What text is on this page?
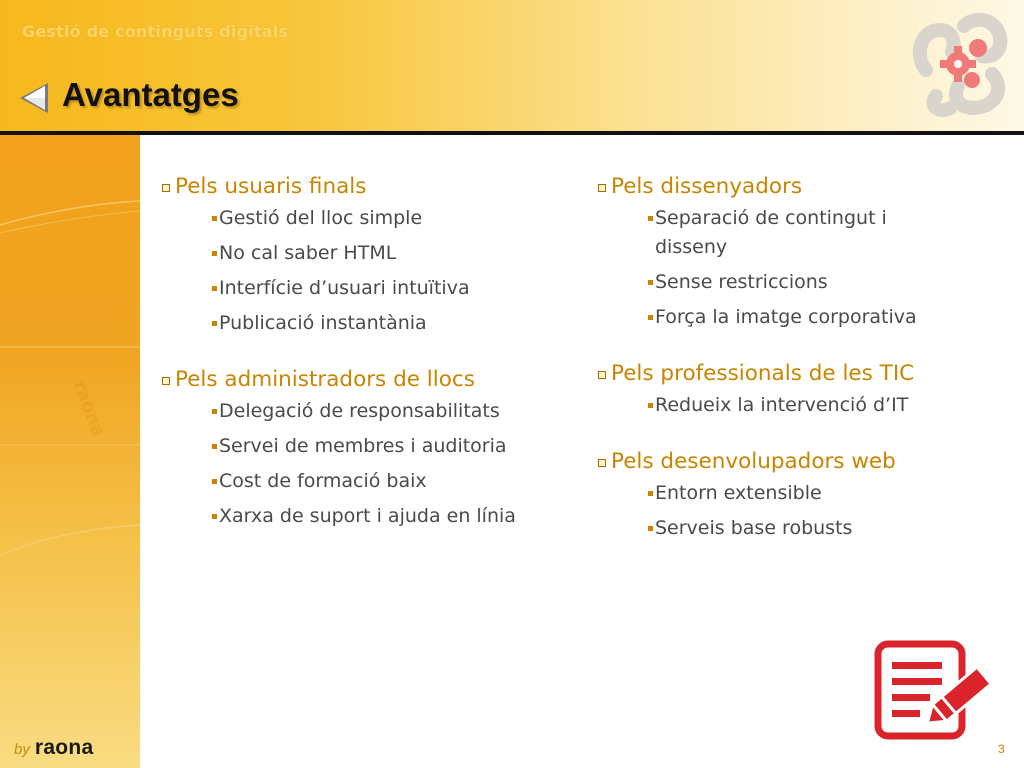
Gestió de continguts digitals
Avantatges
raona
by raona
Pels usuaris finals
Gestió del lloc simple
No cal saber HTML
Interfície d’usuari intuïtiva
Publicació instantània
Pels administradors de llocs
Delegació de responsabilitats
Servei de membres i auditoria
Cost de formació baix
Xarxa de suport i ajuda en línia
Pels dissenyadors
Separació de contingut i disseny
Sense restriccions
Força la imatge corporativa
Pels professionals de les TIC
Redueix la intervenció d’IT
Pels desenvolupadors web
Entorn extensible
Serveis base robusts
3
